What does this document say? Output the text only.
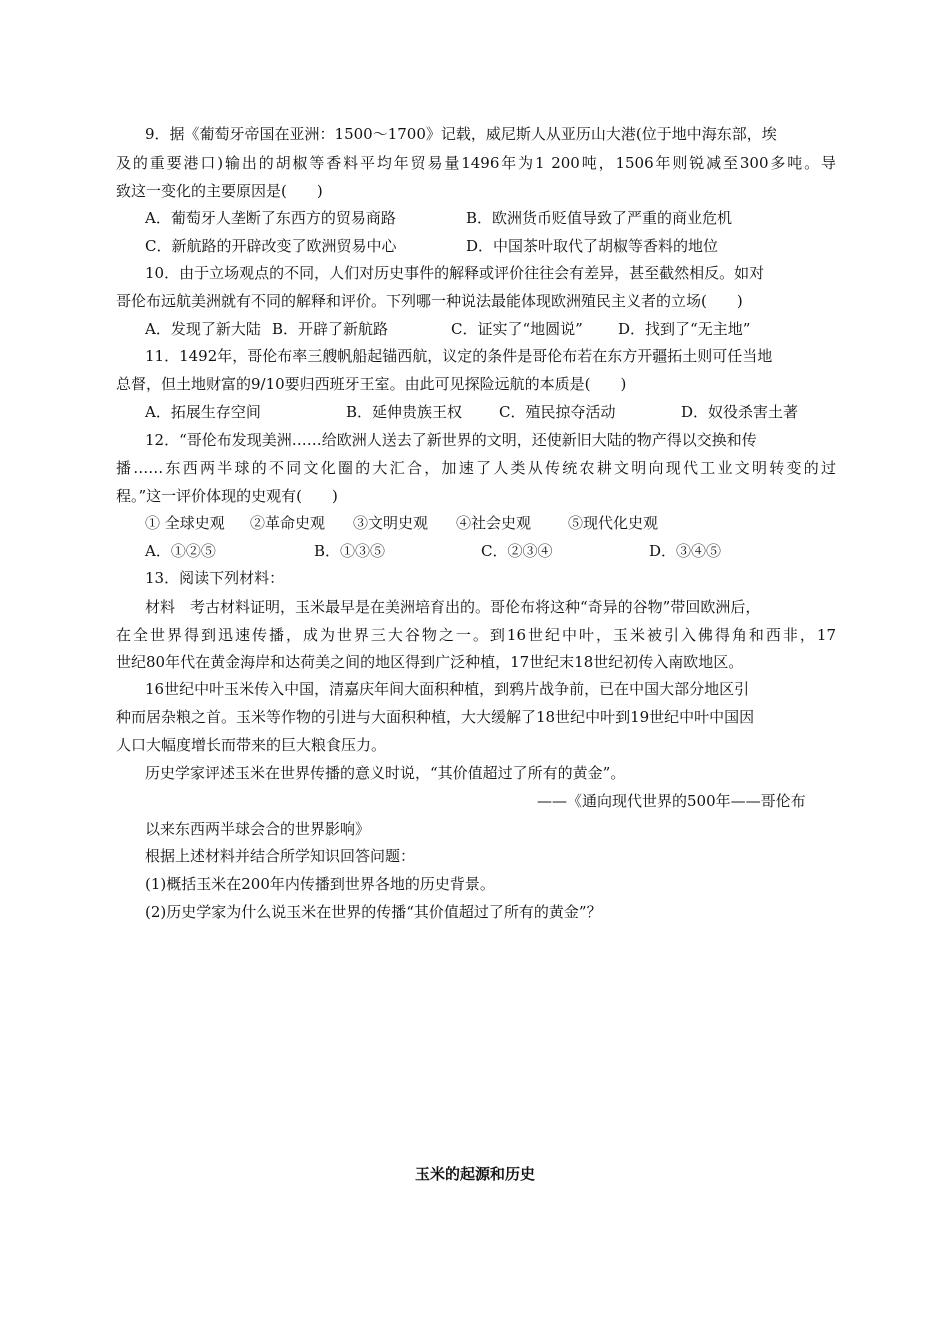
9．据《葡萄牙帝国在亚洲：1500～1700》记载，威尼斯人从亚历山大港(位于地中海东部，埃
及的重要港口)输出的胡椒等香料平均年贸易量1496年为1 200吨，1506年则锐减至300多吨。导
致这一变化的主要原因是(　　)
A．葡萄牙人垄断了东西方的贸易商路	B．欧洲货币贬值导致了严重的商业危机
C．新航路的开辟改变了欧洲贸易中心	D．中国茶叶取代了胡椒等香料的地位
10．由于立场观点的不同，人们对历史事件的解释或评价往往会有差异，甚至截然相反。如对
哥伦布远航美洲就有不同的解释和评价。下列哪一种说法最能体现欧洲殖民主义者的立场(　　)
A．发现了新大陆 B．开辟了新航路	C．证实了“地圆说” D．找到了“无主地”
11．1492年，哥伦布率三艘帆船起锚西航，议定的条件是哥伦布若在东方开疆拓土则可任当地
总督，但土地财富的9/10要归西班牙王室。由此可见探险远航的本质是(　　)
A．拓展生存空间	B．延伸贵族王权 C．殖民掠夺活动	D．奴役杀害土著
12．“哥伦布发现美洲……给欧洲人送去了新世界的文明，还使新旧大陆的物产得以交换和传
播……东西两半球的不同文化圈的大汇合，加速了人类从传统农耕文明向现代工业文明转变的过
程。”这一评价体现的史观有(　　)
① 全球史观 ②革命史观 ③文明史观 ④社会史观 ⑤现代化史观
A．①②⑤	B．①③⑤	C．②③④	D．③④⑤
13．阅读下列材料：
材料　考古材料证明，玉米最早是在美洲培育出的。哥伦布将这种“奇异的谷物”带回欧洲后，
在全世界得到迅速传播，成为世界三大谷物之一。到16世纪中叶，玉米被引入佛得角和西非，17
世纪80年代在黄金海岸和达荷美之间的地区得到广泛种植，17世纪末18世纪初传入南欧地区。
16世纪中叶玉米传入中国，清嘉庆年间大面积种植，到鸦片战争前，已在中国大部分地区引
种而居杂粮之首。玉米等作物的引进与大面积种植，大大缓解了18世纪中叶到19世纪中叶中国因
人口大幅度增长而带来的巨大粮食压力。
历史学家评述玉米在世界传播的意义时说，“其价值超过了所有的黄金”。
——《通向现代世界的500年——哥伦布
以来东西两半球会合的世界影响》
根据上述材料并结合所学知识回答问题：
(1)概括玉米在200年内传播到世界各地的历史背景。
(2)历史学家为什么说玉米在世界的传播“其价值超过了所有的黄金”？
玉米的起源和历史
